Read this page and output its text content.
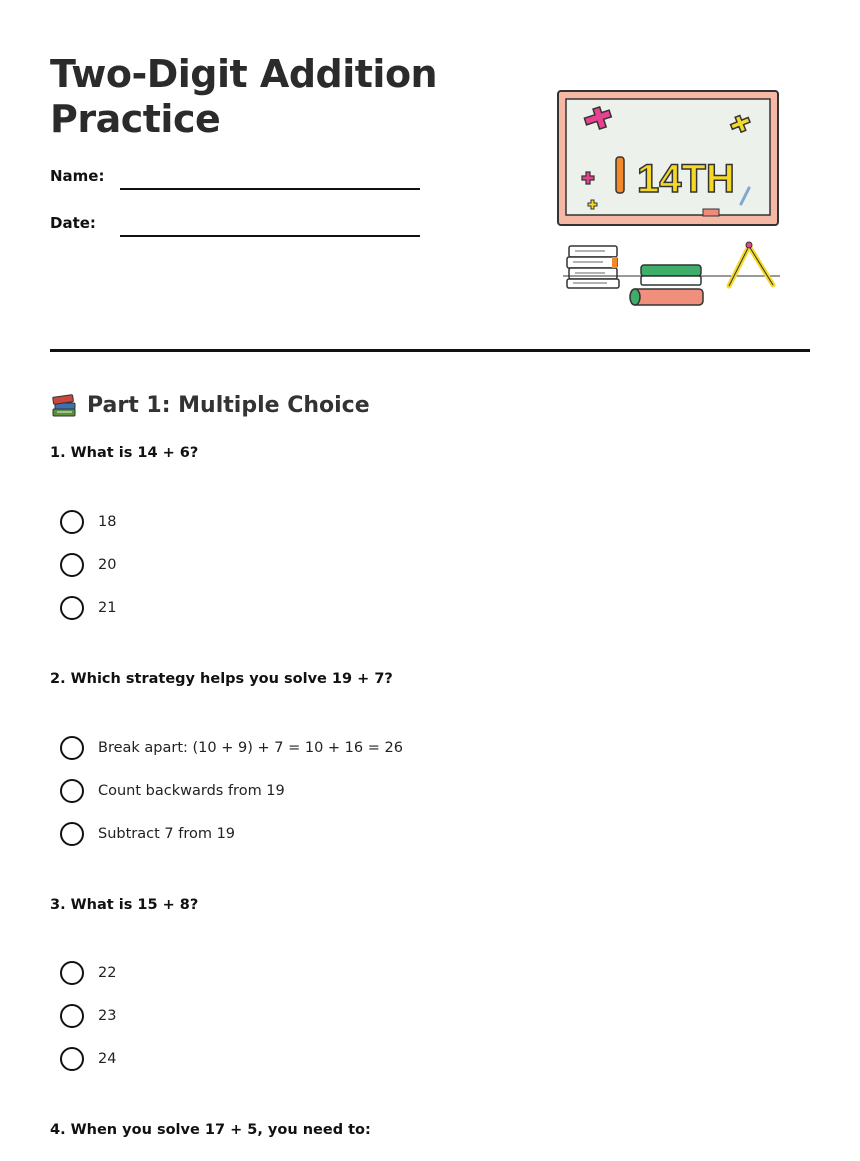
Two-Digit Addition
Practice
Name:
Date:
14TH
Part 1: Multiple Choice
1. What is 14 + 6?
18
20
21
2. Which strategy helps you solve 19 + 7?
Break apart: (10 + 9) + 7 = 10 + 16 = 26
Count backwards from 19
Subtract 7 from 19
3. What is 15 + 8?
22
23
24
4. When you solve 17 + 5, you need to:
